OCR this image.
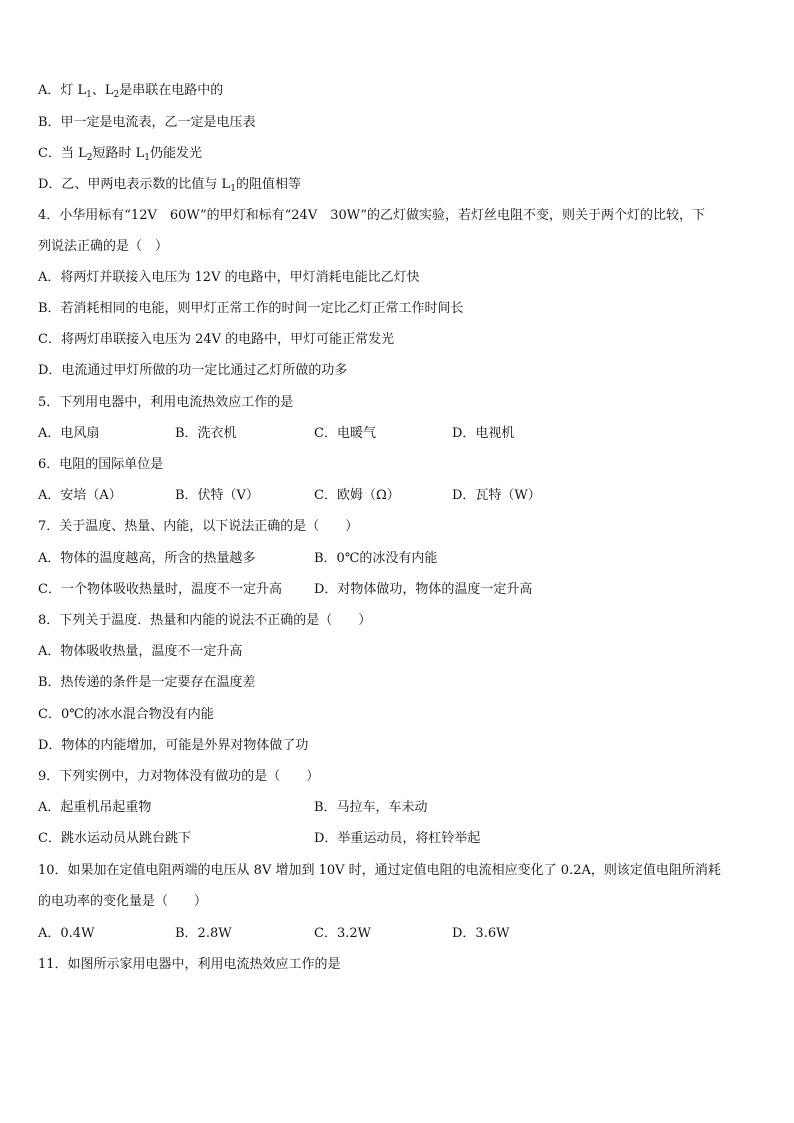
A．灯 $L_1$、$L_2$是串联在电路中的
B．甲一定是电流表，乙一定是电压表
C．当 $L_2$短路时 $L_1$仍能发光
D．乙、甲两电表示数的比值与 $L_1$的阻值相等
4．小华用标有“12V　60W”的甲灯和标有“24V　30W”的乙灯做实验，若灯丝电阻不变，则关于两个灯的比较，下
列说法正确的是（　）
A．将两灯并联接入电压为 12V 的电路中，甲灯消耗电能比乙灯快
B．若消耗相同的电能，则甲灯正常工作的时间一定比乙灯正常工作时间长
C．将两灯串联接入电压为 24V 的电路中，甲灯可能正常发光
D．电流通过甲灯所做的功一定比通过乙灯所做的功多
5．下列用电器中，利用电流热效应工作的是
A．电风扇	B．洗衣机	C．电暖气	D．电视机
6．电阻的国际单位是
A．安培（A）	B．伏特（V）	C．欧姆（Ω）	D．瓦特（W）
7．关于温度、热量、内能，以下说法正确的是（　　）
A．物体的温度越高，所含的热量越多	B．0℃的冰没有内能
C．一个物体吸收热量时，温度不一定升高 D．对物体做功，物体的温度一定升高
8．下列关于温度．热量和内能的说法不正确的是（　　）
A．物体吸收热量，温度不一定升高
B．热传递的条件是一定要存在温度差
C．0℃的冰水混合物没有内能
D．物体的内能增加，可能是外界对物体做了功
9．下列实例中，力对物体没有做功的是（　　）
A．起重机吊起重物	B．马拉车，车未动
C．跳水运动员从跳台跳下	D．举重运动员，将杠铃举起
10．如果加在定值电阻两端的电压从 8V 增加到 10V 时，通过定值电阻的电流相应变化了 0.2A，则该定值电阻所消耗
的电功率的变化量是（　　）
A．0.4W	B．2.8W	C．3.2W	D．3.6W
11．如图所示家用电器中，利用电流热效应工作的是
